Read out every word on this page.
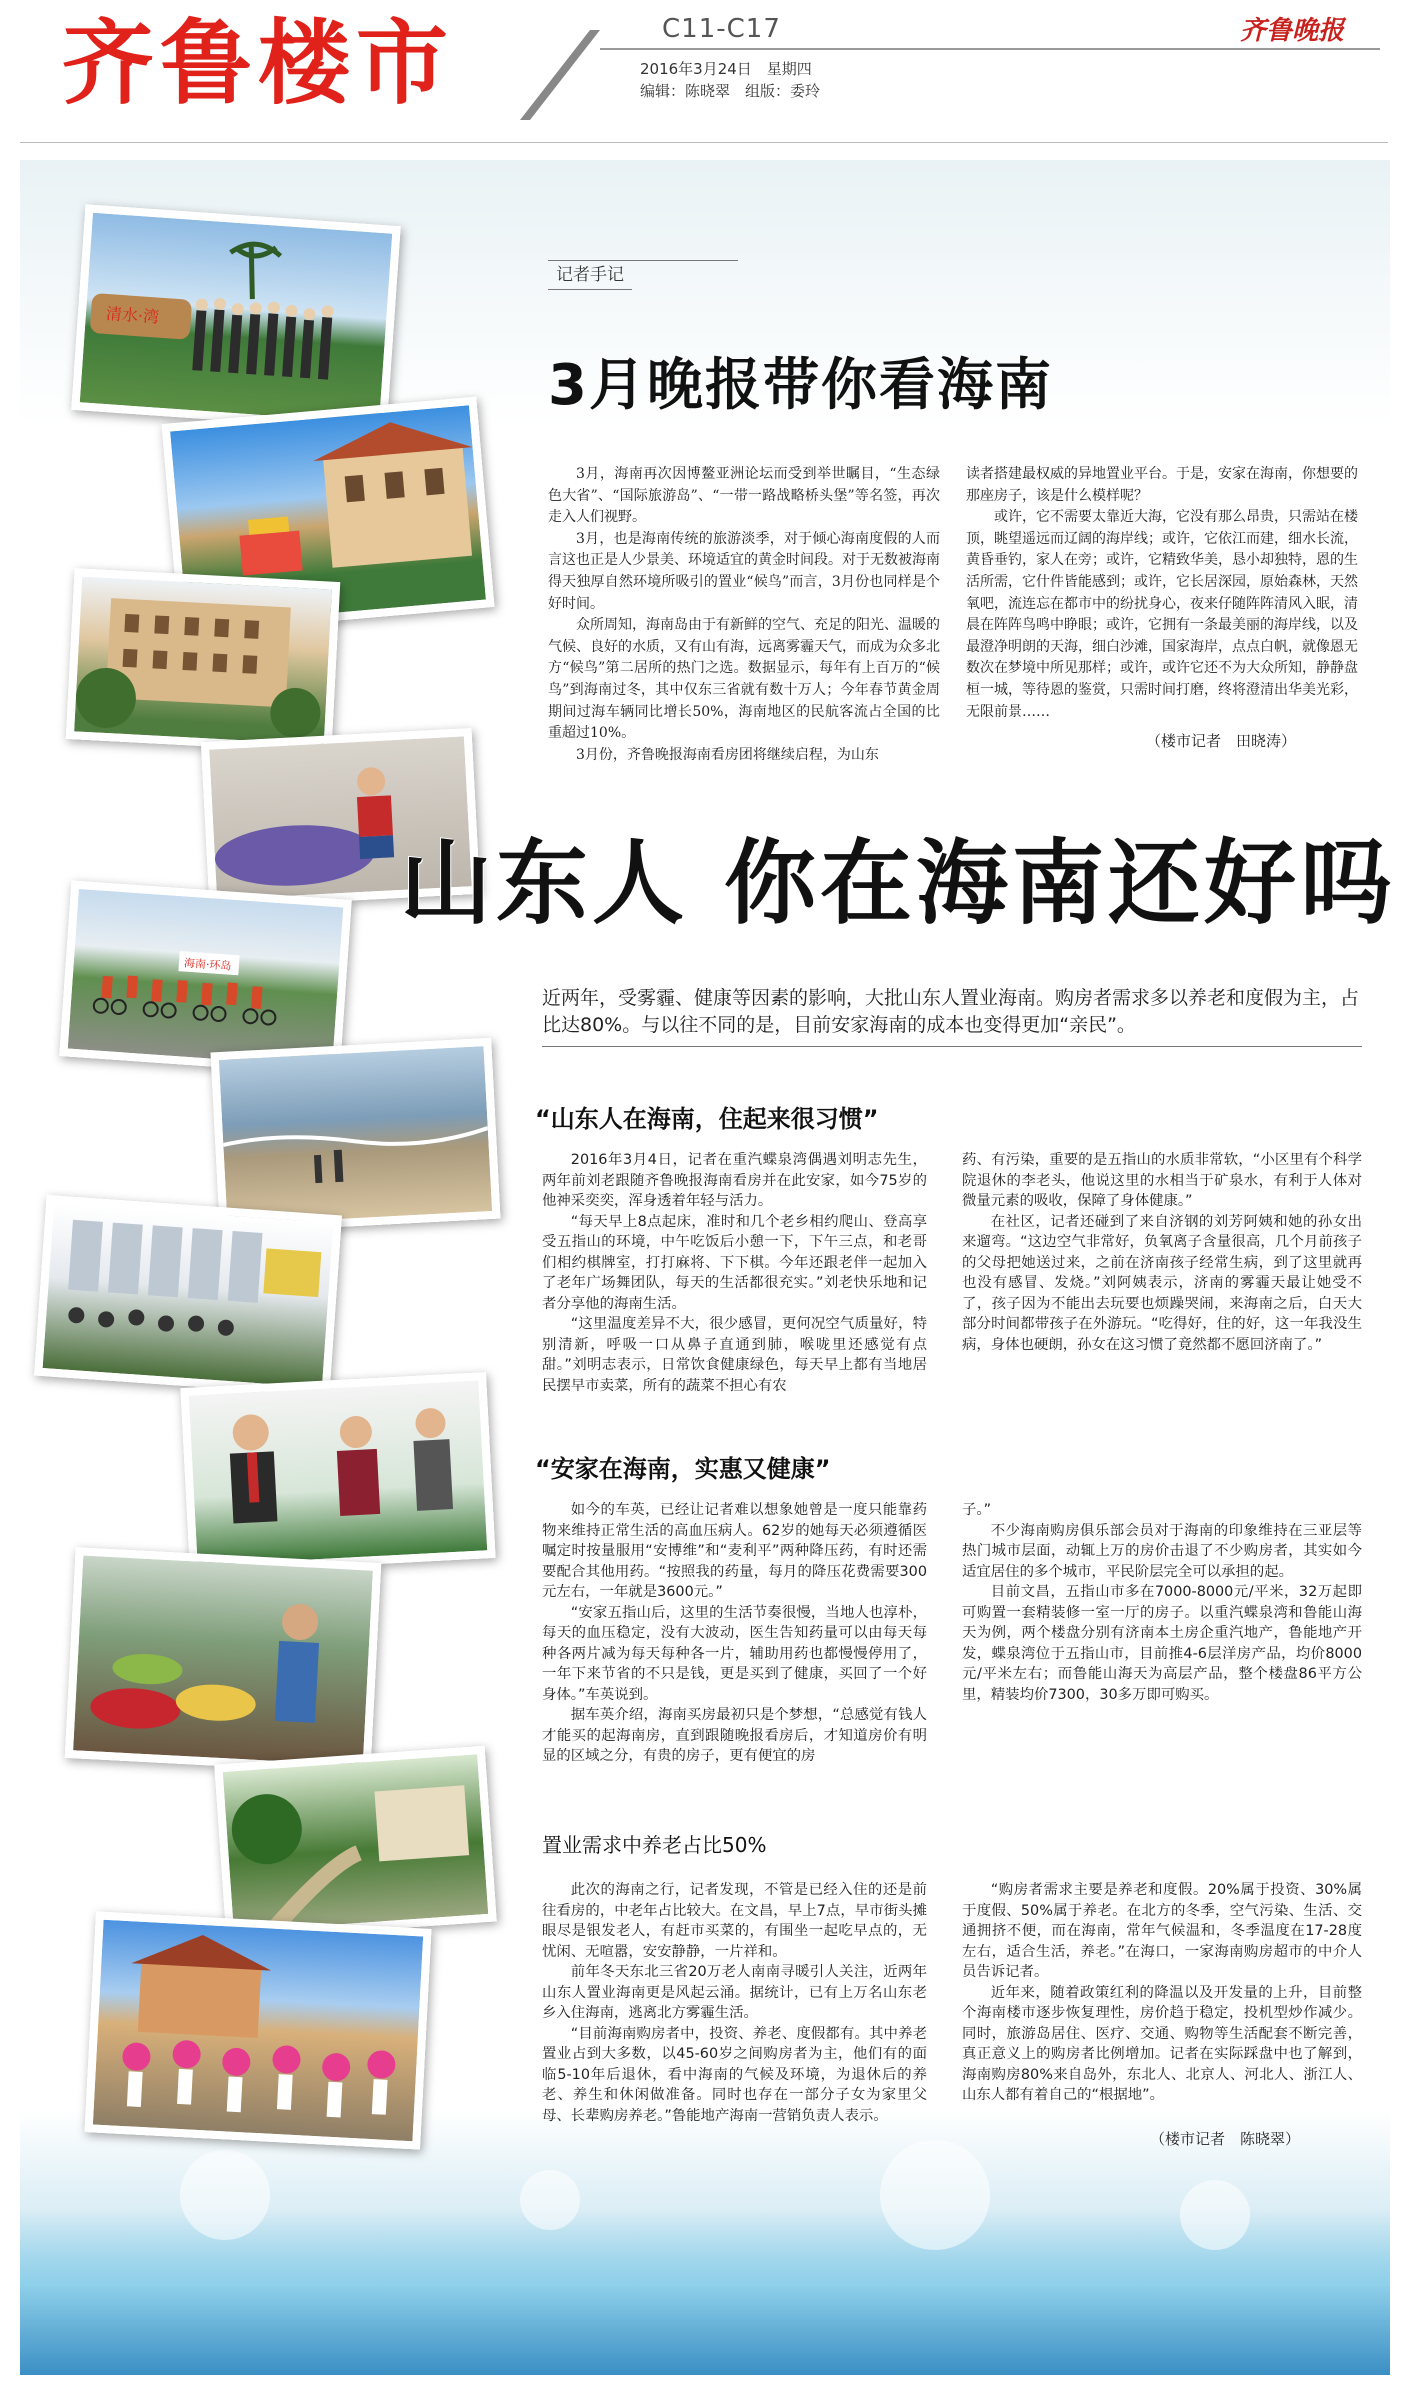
齐鲁楼市	C11-C17
2016年3月24日　星期四
编辑：陈晓翠　组版：委玲
齐鲁晚报
清水·湾
海南·环岛
记者手记
3月晚报带你看海南

3月，海南再次因博鳌亚洲论坛而受到举世瞩目，“生态绿色大省”、“国际旅游岛”、“一带一路战略桥头堡”等名签，再次走入人们视野。

3月，也是海南传统的旅游淡季，对于倾心海南度假的人而言这也正是人少景美、环境适宜的黄金时间段。对于无数被海南得天独厚自然环境所吸引的置业“候鸟”而言，3月份也同样是个好时间。

众所周知，海南岛由于有新鲜的空气、充足的阳光、温暖的气候、良好的水质，又有山有海，远离雾霾天气，而成为众多北方“候鸟”第二居所的热门之选。数据显示，每年有上百万的“候鸟”到海南过冬，其中仅东三省就有数十万人；今年春节黄金周期间过海车辆同比增长50%，海南地区的民航客流占全国的比重超过10%。

3月份，齐鲁晚报海南看房团将继续启程，为山东

读者搭建最权威的异地置业平台。于是，安家在海南，你想要的那座房子，该是什么模样呢？

或许，它不需要太靠近大海，它没有那么昂贵，只需站在楼顶，眺望遥远而辽阔的海岸线；或许，它依江而建，细水长流，黄昏垂钓，家人在旁；或许，它精致华美，恳小却独特，恩的生活所需，它什件皆能感到；或许，它长居深园，原始森林，天然氧吧，流连忘在都市中的纷扰身心，夜来仔随阵阵清风入眠，清晨在阵阵鸟鸣中睁眼；或许，它拥有一条最美丽的海岸线，以及最澄净明朗的天海，细白沙滩，国家海岸，点点白帆，就像恩无数次在梦境中所见那样；或许，或许它还不为大众所知，静静盘桓一城，等待恩的鉴赏，只需时间打磨，终将澄清出华美光彩，无限前景……

（楼市记者　田晓涛）
山东人 你在海南还好吗
近两年，受雾霾、健康等因素的影响，大批山东人置业海南。购房者需求多以养老和度假为主，占比达80%。与以往不同的是，目前安家海南的成本也变得更加“亲民”。
“山东人在海南，住起来很习惯”

2016年3月4日，记者在重汽蝶泉湾偶遇刘明志先生，两年前刘老跟随齐鲁晚报海南看房并在此安家，如今75岁的他神采奕奕，浑身透着年轻与活力。

“每天早上8点起床，准时和几个老乡相约爬山、登高享受五指山的环境，中午吃饭后小憩一下，下午三点，和老哥们相约棋牌室，打打麻将、下下棋。今年还跟老伴一起加入了老年广场舞团队，每天的生活都很充实。”刘老快乐地和记者分享他的海南生活。

“这里温度差异不大，很少感冒，更何况空气质量好，特别清新，呼吸一口从鼻子直通到肺，喉咙里还感觉有点甜。”刘明志表示，日常饮食健康绿色，每天早上都有当地居民摆早市卖菜，所有的蔬菜不担心有农

药、有污染，重要的是五指山的水质非常软，“小区里有个科学院退休的李老头，他说这里的水相当于矿泉水，有利于人体对微量元素的吸收，保障了身体健康。”

在社区，记者还碰到了来自济钢的刘芳阿姨和她的孙女出来遛弯。“这边空气非常好，负氧离子含量很高，几个月前孩子的父母把她送过来，之前在济南孩子经常生病，到了这里就再也没有感冒、发烧。”刘阿姨表示，济南的雾霾天最让她受不了，孩子因为不能出去玩要也烦躁哭闹，来海南之后，白天大部分时间都带孩子在外游玩。“吃得好，住的好，这一年我没生病，身体也硬朗，孙女在这习惯了竟然都不愿回济南了。”

“安家在海南，实惠又健康”

如今的车英，已经让记者难以想象她曾是一度只能靠药物来维持正常生活的高血压病人。62岁的她每天必须遵循医嘱定时按量服用“安博维”和“麦利平”两种降压药，有时还需要配合其他用药。“按照我的药量，每月的降压花费需要300元左右，一年就是3600元。”

“安家五指山后，这里的生活节奏很慢，当地人也淳朴，每天的血压稳定，没有大波动，医生告知药量可以由每天每种各两片减为每天每种各一片，辅助用药也都慢慢停用了，一年下来节省的不只是钱，更是买到了健康，买回了一个好身体。”车英说到。

据车英介绍，海南买房最初只是个梦想，“总感觉有钱人才能买的起海南房，直到跟随晚报看房后，才知道房价有明显的区域之分，有贵的房子，更有便宜的房

子。”

不少海南购房俱乐部会员对于海南的印象维持在三亚层等热门城市层面，动辄上万的房价击退了不少购房者，其实如今适宜居住的多个城市，平民阶层完全可以承担的起。

目前文昌，五指山市多在7000-8000元/平米，32万起即可购置一套精装修一室一厅的房子。以重汽蝶泉湾和鲁能山海天为例，两个楼盘分别有济南本土房企重汽地产，鲁能地产开发，蝶泉湾位于五指山市，目前推4-6层洋房产品，均价8000元/平米左右；而鲁能山海天为高层产品，整个楼盘86平方公里，精装均价7300，30多万即可购买。

置业需求中养老占比50%

此次的海南之行，记者发现，不管是已经入住的还是前往看房的，中老年占比较大。在文昌，早上7点，早市街头摊眼尽是银发老人，有赶市买菜的，有围坐一起吃早点的，无忧闲、无喧嚣，安安静静，一片祥和。

前年冬天东北三省20万老人南南寻暖引人关注，近两年山东人置业海南更是风起云涌。据统计，已有上万名山东老乡入住海南，逃离北方雾霾生活。

“目前海南购房者中，投资、养老、度假都有。其中养老置业占到大多数，以45-60岁之间购房者为主，他们有的面临5-10年后退休，看中海南的气候及环境，为退休后的养老、养生和休闲做准备。同时也存在一部分子女为家里父母、长辈购房养老。”鲁能地产海南一营销负责人表示。

“购房者需求主要是养老和度假。20%属于投资、30%属于度假、50%属于养老。在北方的冬季，空气污染、生活、交通拥挤不便，而在海南，常年气候温和，冬季温度在17-28度左右，适合生活，养老。”在海口，一家海南购房超市的中介人员告诉记者。

近年来，随着政策红利的降温以及开发量的上升，目前整个海南楼市逐步恢复理性，房价趋于稳定，投机型炒作减少。同时，旅游岛居住、医疗、交通、购物等生活配套不断完善，真正意义上的购房者比例增加。记者在实际踩盘中也了解到，海南购房80%来自岛外，东北人、北京人、河北人、浙江人、山东人都有着自己的“根据地”。

（楼市记者　陈晓翠）
